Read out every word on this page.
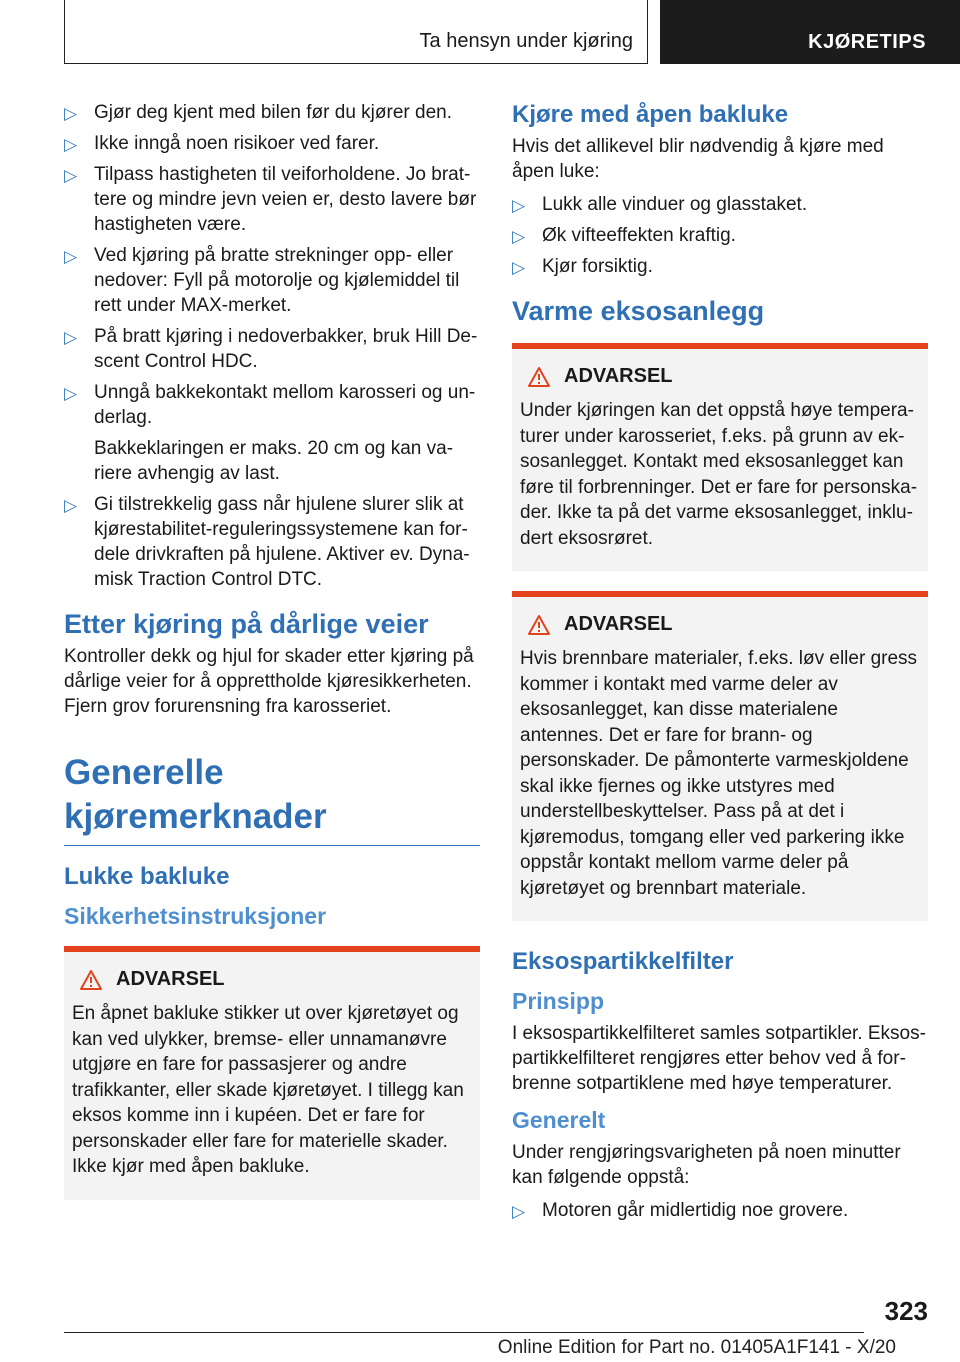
Ta hensyn under kjøring	KJØRETIPS
▷ Gjør deg kjent med bilen før du kjører den.
▷ Ikke inngå noen risikoer ved farer.
▷ Tilpass hastigheten til veiforholdene. Jo brattere og mindre jevn veien er, desto lavere bør hastigheten være.
▷ Ved kjøring på bratte strekninger opp- eller nedover: Fyll på motorolje og kjølemiddel til rett under MAX-merket.
▷ På bratt kjøring i nedoverbakker, bruk Hill Descent Control HDC.
▷ Unngå bakkekontakt mellom karosseri og underlag.

Bakkeklaringen er maks. 20 cm og kan variere avhengig av last.

▷ Gi tilstrekkelig gass når hjulene slurer slik at kjørestabilitet-reguleringssystemene kan fordele drivkraften på hjulene. Aktiver ev. Dynamisk Traction Control DTC.
Etter kjøring på dårlige veier

Kontroller dekk og hjul for skader etter kjøring på dårlige veier for å opprettholde kjøresikkerheten. Fjern grov forurensning fra karosseriet.

Generelle kjøremerknader
Lukke bakluke
Sikkerhetsinstruksjoner
ADVARSEL
En åpnet bakluke stikker ut over kjøretøyet og kan ved ulykker, bremse- eller unnamanøvre utgjøre en fare for passasjerer og andre trafikkanter, eller skade kjøretøyet. I tillegg kan eksos komme inn i kupéen. Det er fare for personskader eller fare for materielle skader. Ikke kjør med åpen bakluke.
Kjøre med åpen bakluke

Hvis det allikevel blir nødvendig å kjøre med åpen luke:

▷ Lukk alle vinduer og glasstaket.
▷ Øk vifteeffekten kraftig.
▷ Kjør forsiktig.
Varme eksosanlegg
ADVARSEL
Under kjøringen kan det oppstå høye temperaturer under karosseriet, f.eks. på grunn av eksosanlegget. Kontakt med eksosanlegget kan føre til forbrenninger. Det er fare for personskader. Ikke ta på det varme eksosanlegget, inkludert eksosrøret.
ADVARSEL
Hvis brennbare materialer, f.eks. løv eller gress kommer i kontakt med varme deler av eksosanlegget, kan disse materialene antennes. Det er fare for brann- og personskader. De påmonterte varmeskjoldene skal ikke fjernes og ikke utstyres med understellbeskyttelser. Pass på at det i kjøremodus, tomgang eller ved parkering ikke oppstår kontakt mellom varme deler på kjøretøyet og brennbart materiale.
Eksospartikkelfilter
Prinsipp

I eksospartikkelfilteret samles sotpartikler. Eksospartikkelfilteret rengjøres etter behov ved å forbrenne sotpartiklene med høye temperaturer.

Generelt

Under rengjøringsvarigheten på noen minutter kan følgende oppstå:

▷ Motoren går midlertidig noe grovere.
323
Online Edition for Part no. 01405A1F141 - X/20
